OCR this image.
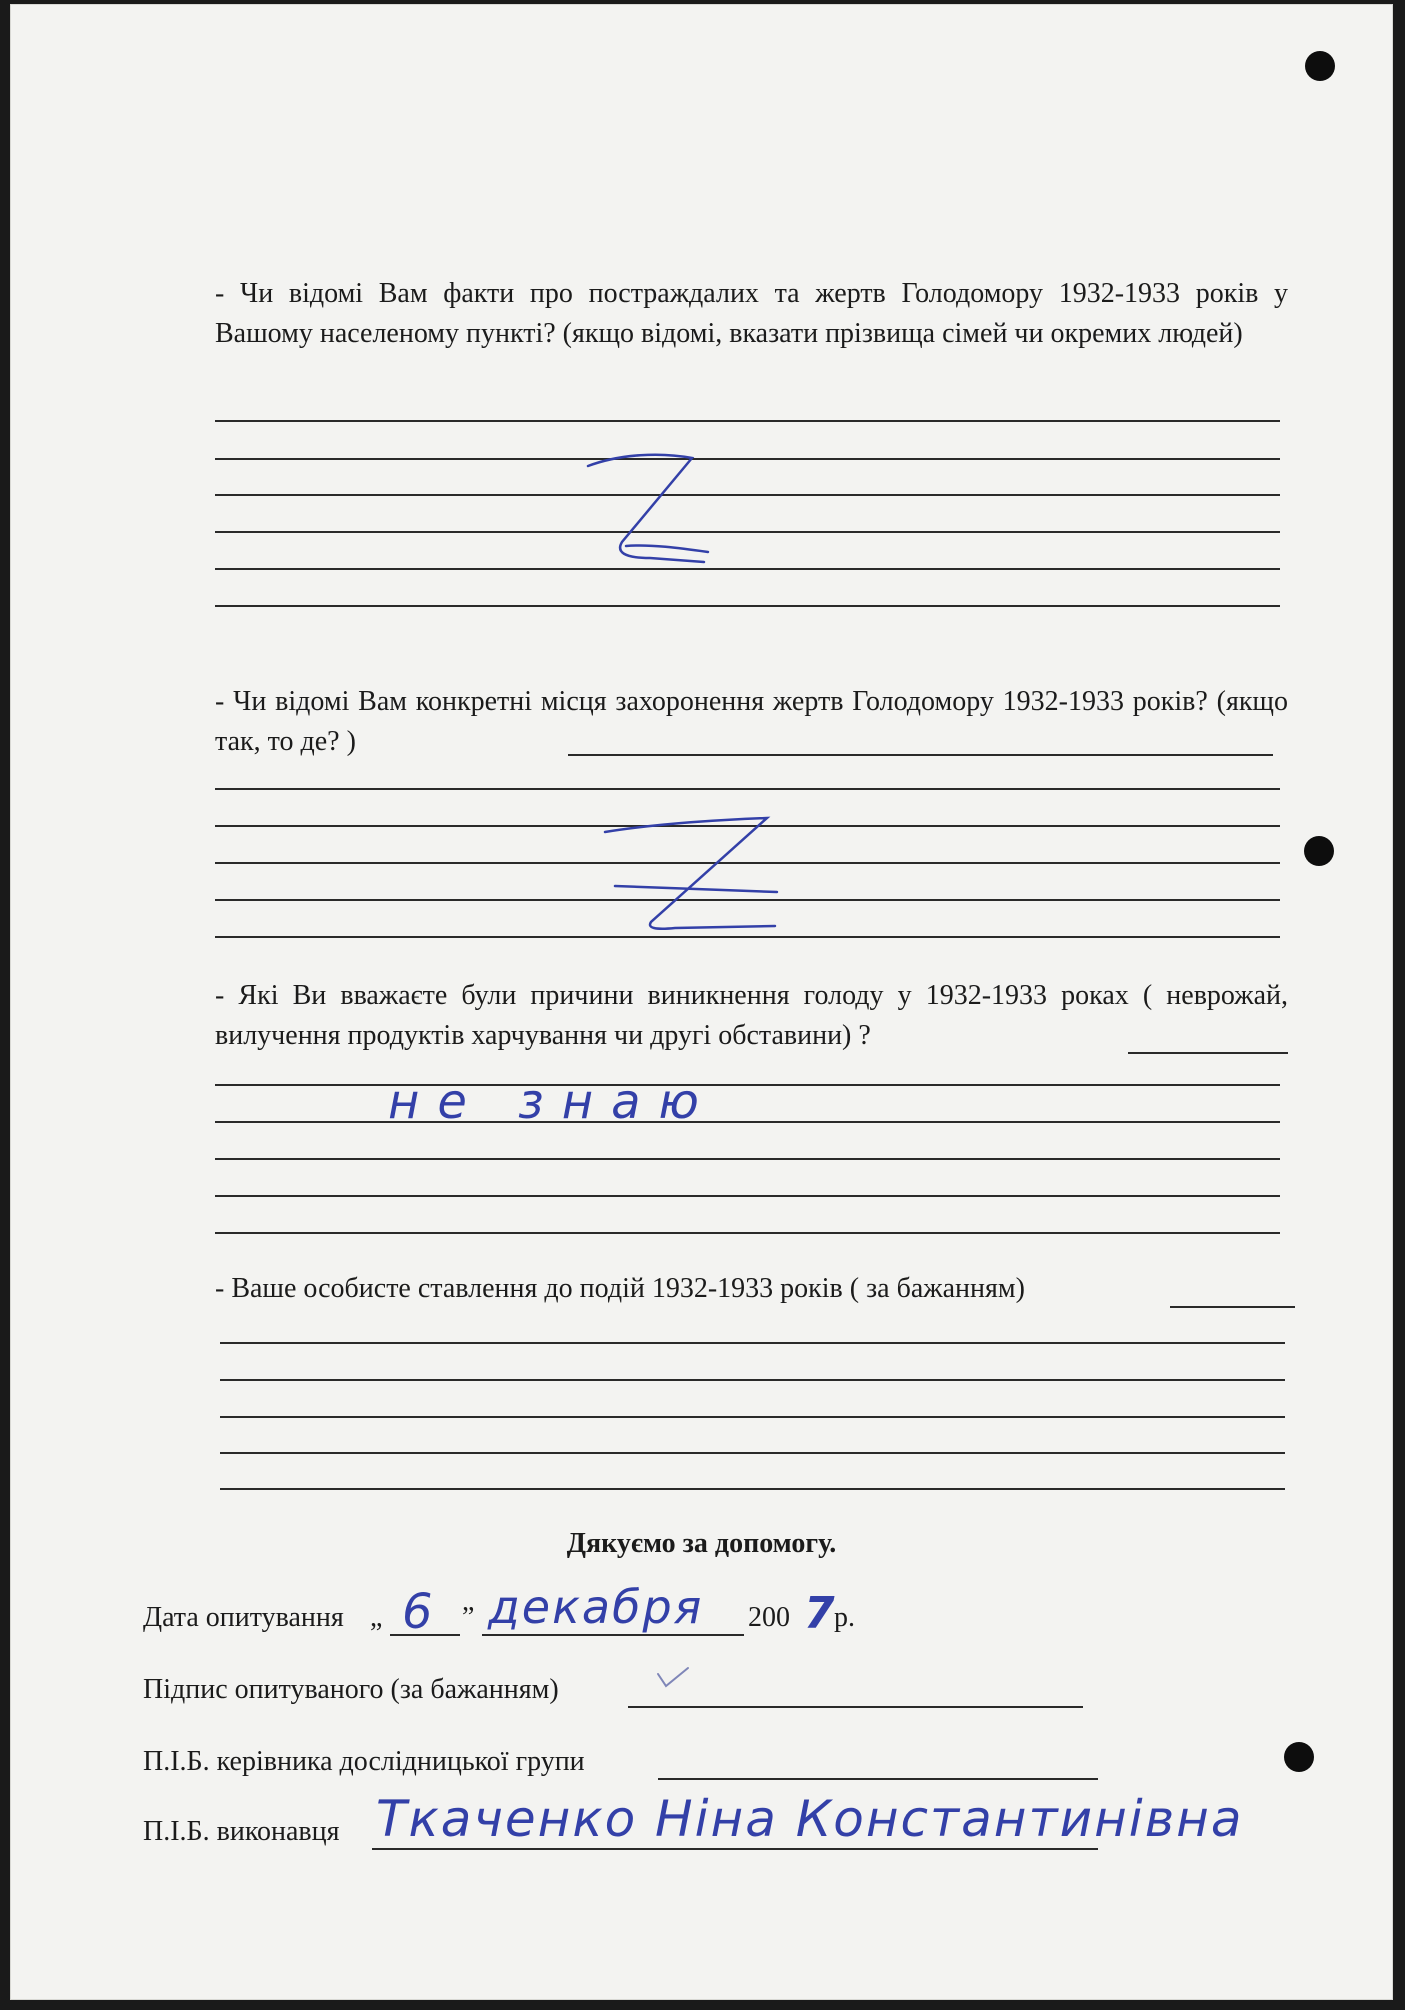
- Чи відомі Вам факти про постраждалих та жертв Голодомору 1932-1933 років у Вашому населеному пункті? (якщо відомі, вказати прізвища сімей чи окремих людей)
- Чи відомі Вам конкретні місця захоронення жертв Голодомору 1932-1933 років? (якщо так, то де? )
- Які Ви вважаєте були причини виникнення голоду у 1932-1933 роках ( неврожай, вилучення продуктів харчування чи другі обставини) ?
не знаю
- Ваше особисте ставлення до подій 1932-1933 років ( за бажанням)
Дякуємо за допомогу.
Дата опитування „ 6 ” декабря 200 7 р.
Підпис опитуваного (за бажанням)
П.І.Б. керівника дослідницької групи
П.І.Б. виконавця Ткаченко Ніна Константинівна
